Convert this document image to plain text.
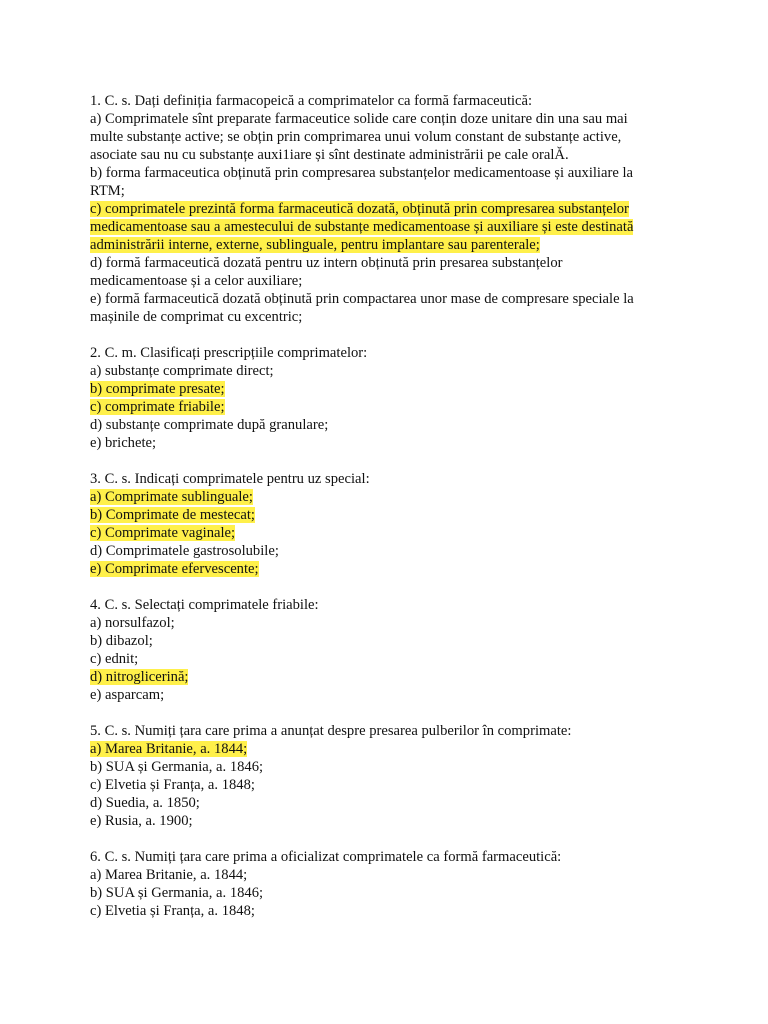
1. C. s. Dați definiția farmacopeică a comprimatelor ca formă farmaceutică:
a) Comprimatele sînt preparate farmaceutice solide care conțin doze unitare din una sau mai
multe substanțe active; se obțin prin comprimarea unui volum constant de substanțe active,
asociate sau nu cu substanțe auxi1iare și sînt destinate administrării pe cale oralĂ.
b) forma farmaceutica obținută prin compresarea substanțelor medicamentoase și auxiliare la
RTM;
c) comprimatele prezintă forma farmaceutică dozată, obținută prin compresarea substanțelor
medicamentoase sau a amestecului de substanțe medicamentoase și auxiliare și este destinată
administrării interne, externe, sublinguale, pentru implantare sau parenterale;
d) formă farmaceutică dozată pentru uz intern obținută prin presarea substanțelor
medicamentoase și a celor auxiliare;
e) formă farmaceutică dozată obținută prin compactarea unor mase de compresare speciale la
mașinile de comprimat cu excentric;
2. C. m. Clasificați prescripțiile comprimatelor:
a) substanțe comprimate direct;
b) comprimate presate;
c) comprimate friabile;
d) substanțe comprimate după granulare;
e) brichete;
3. C. s. Indicați comprimatele pentru uz special:
a) Comprimate sublinguale;
b) Comprimate de mestecat;
c) Comprimate vaginale;
d) Comprimatele gastrosolubile;
e) Comprimate efervescente;
4. C. s. Selectați comprimatele friabile:
a) norsulfazol;
b) dibazol;
c) ednit;
d) nitroglicerină;
e) asparcam;
5. C. s. Numiți țara care prima a anunțat despre presarea pulberilor în comprimate:
a) Marea Britanie, a. 1844;
b) SUA și Germania, a. 1846;
c) Elvetia și Franța, a. 1848;
d) Suedia, a. 1850;
e) Rusia, a. 1900;
6. C. s. Numiți țara care prima a oficializat comprimatele ca formă farmaceutică:
a) Marea Britanie, a. 1844;
b) SUA și Germania, a. 1846;
c) Elvetia și Franța, a. 1848;
